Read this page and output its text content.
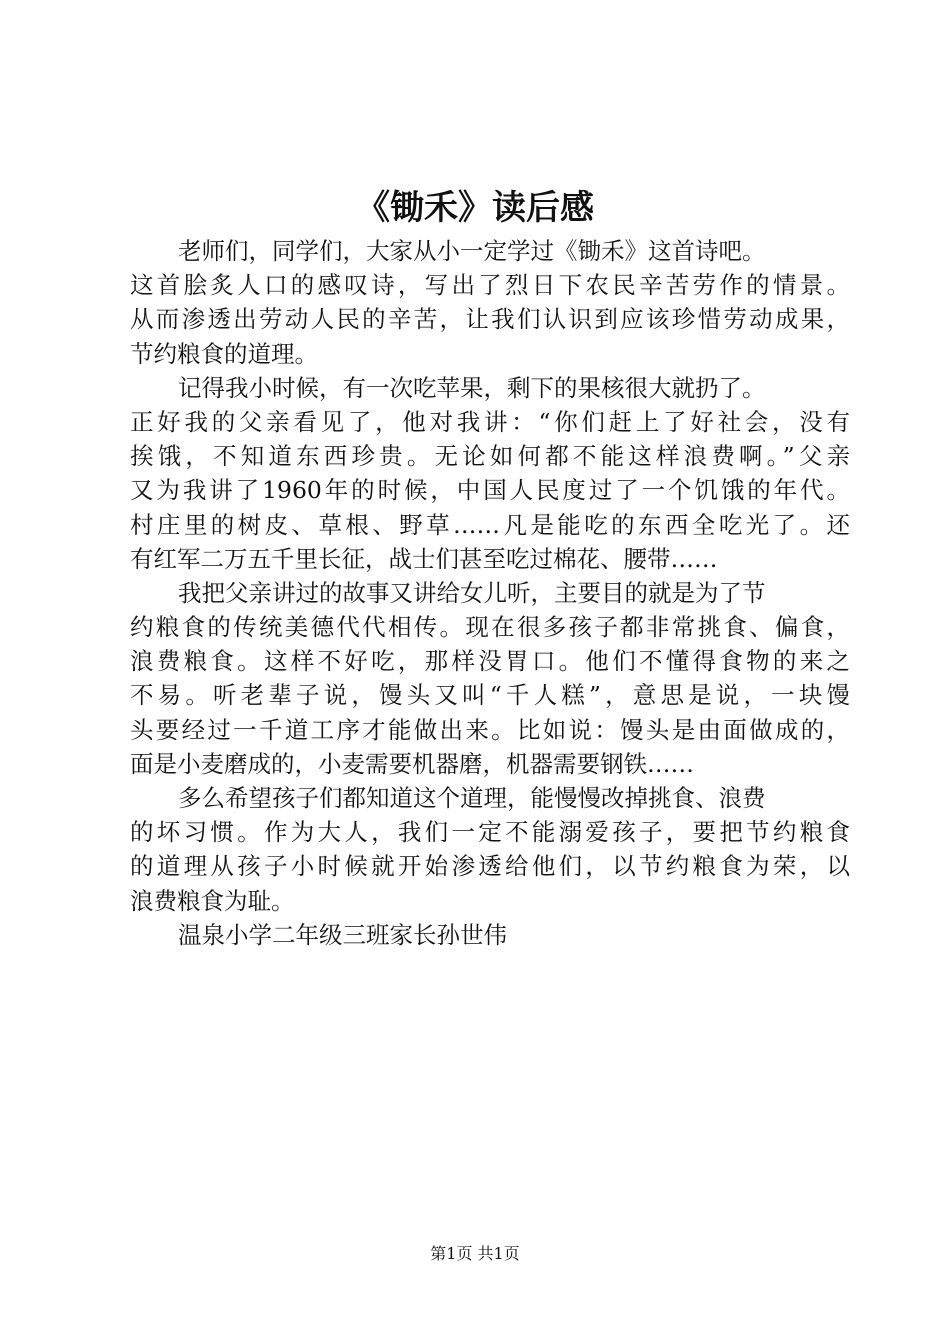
《锄禾》读后感
老师们，同学们，大家从小一定学过《锄禾》这首诗吧。
这首脍炙人口的感叹诗，写出了烈日下农民辛苦劳作的情景。
从而渗透出劳动人民的辛苦，让我们认识到应该珍惜劳动成果，
节约粮食的道理。
记得我小时候，有一次吃苹果，剩下的果核很大就扔了。
正好我的父亲看见了，他对我讲：“你们赶上了好社会，没有
挨饿，不知道东西珍贵。无论如何都不能这样浪费啊。”父亲
又为我讲了1960年的时候，中国人民度过了一个饥饿的年代。
村庄里的树皮、草根、野草……凡是能吃的东西全吃光了。还
有红军二万五千里长征，战士们甚至吃过棉花、腰带……
我把父亲讲过的故事又讲给女儿听，主要目的就是为了节
约粮食的传统美德代代相传。现在很多孩子都非常挑食、偏食，
浪费粮食。这样不好吃，那样没胃口。他们不懂得食物的来之
不易。听老辈子说，馒头又叫“千人糕”，意思是说，一块馒
头要经过一千道工序才能做出来。比如说：馒头是由面做成的，
面是小麦磨成的，小麦需要机器磨，机器需要钢铁……
多么希望孩子们都知道这个道理，能慢慢改掉挑食、浪费
的坏习惯。作为大人，我们一定不能溺爱孩子，要把节约粮食
的道理从孩子小时候就开始渗透给他们，以节约粮食为荣，以
浪费粮食为耻。
温泉小学二年级三班家长孙世伟
第1页 共1页
